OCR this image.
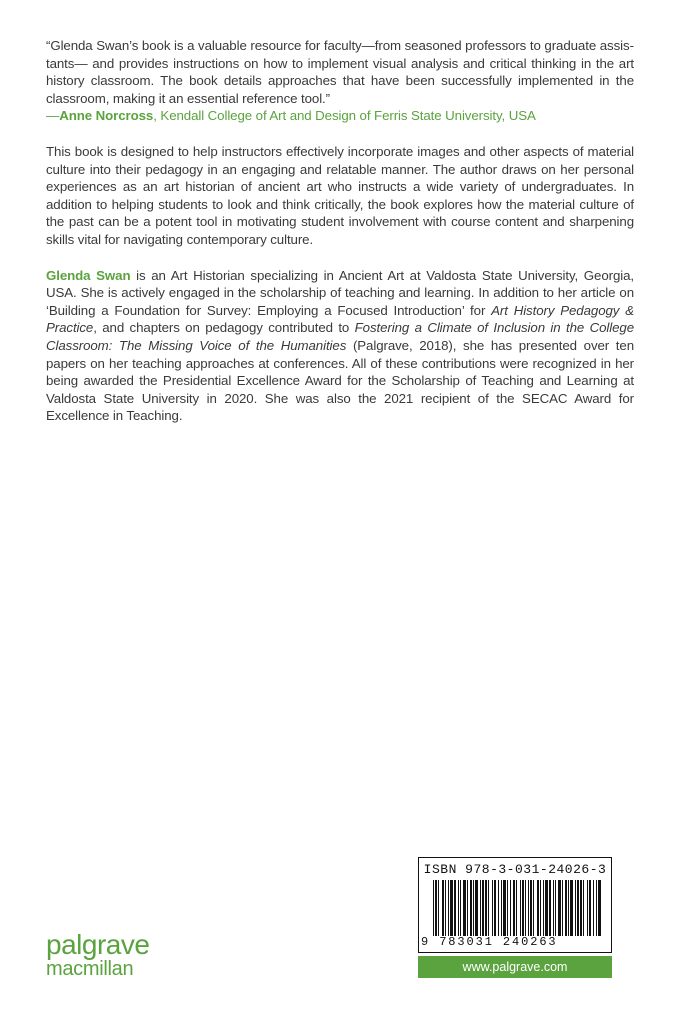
“Glenda Swan’s book is a valuable resource for faculty—from seasoned professors to graduate assistants— and provides instructions on how to implement visual analysis and critical thinking in the art history classroom. The book details approaches that have been successfully implemented in the classroom, making it an essential reference tool.”

—Anne Norcross, Kendall College of Art and Design of Ferris State University, USA

This book is designed to help instructors effectively incorporate images and other aspects of material culture into their pedagogy in an engaging and relatable manner. The author draws on her personal experiences as an art historian of ancient art who instructs a wide variety of undergraduates. In addition to helping students to look and think critically, the book explores how the material culture of the past can be a potent tool in motivating student involvement with course content and sharpening skills vital for navigating contemporary culture.

Glenda Swan is an Art Historian specializing in Ancient Art at Valdosta State University, Georgia, USA. She is actively engaged in the scholarship of teaching and learning. In addition to her article on ‘Building a Foundation for Survey: Employing a Focused Introduction’ for Art History Pedagogy & Practice, and chapters on pedagogy contributed to Fostering a Climate of Inclusion in the College Classroom: The Missing Voice of the Humanities (Palgrave, 2018), she has presented over ten papers on her teaching approaches at conferences. All of these contributions were recognized in her being awarded the Presidential Excellence Award for the Scholarship of Teaching and Learning at Valdosta State University in 2020. She was also the 2021 recipient of the SECAC Award for Excellence in Teaching.

ISBN 978-3-031-24026-3
9 783031 240263
www.palgrave.com
palgrave
macmillan
